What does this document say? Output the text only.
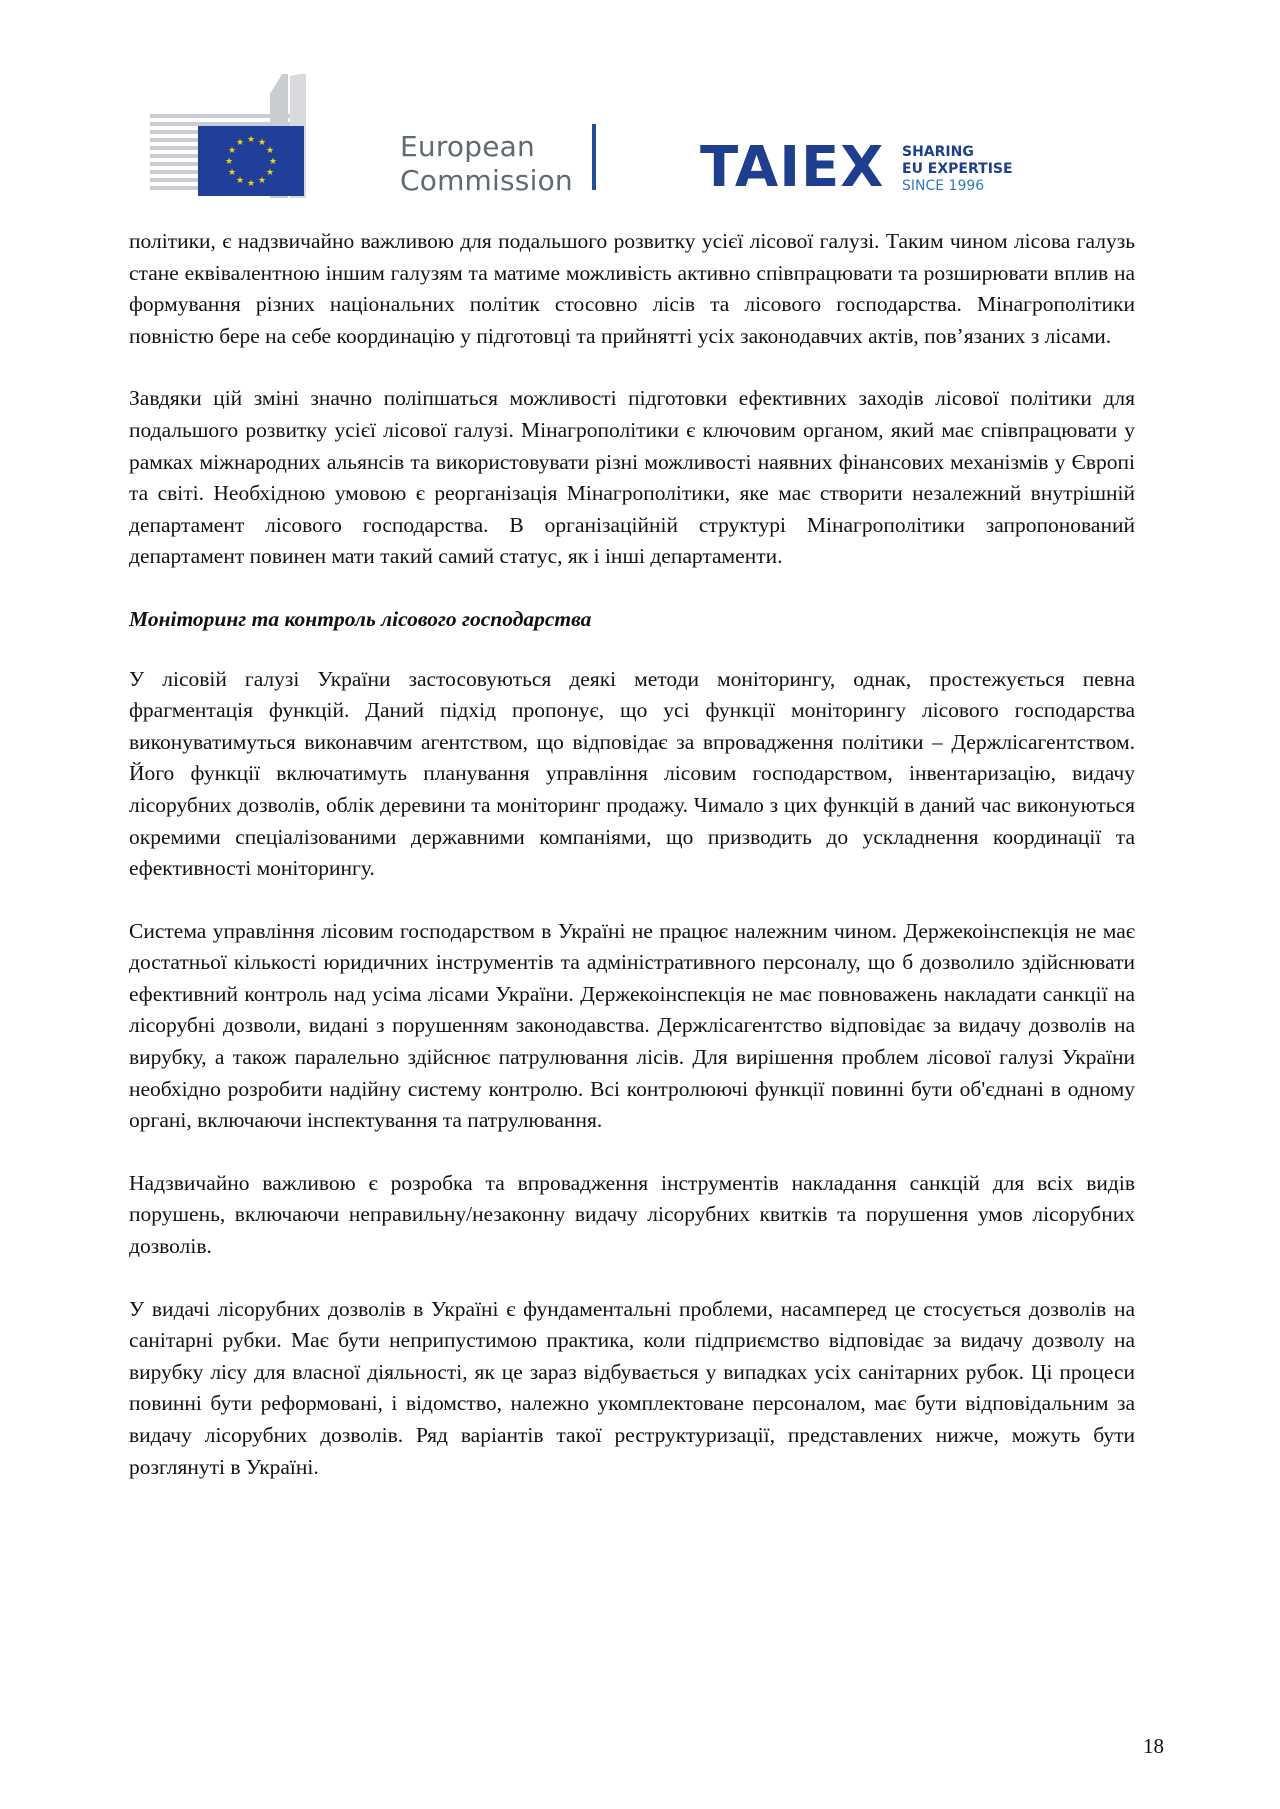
★ ★
★
★
★
★
★
★
★
★
★
★	European
Commission TAIEX SHARING
EU EXPERTISE
SINCE 1996

політики, є надзвичайно важливою для подальшого розвитку усієї лісової галузі. Таким чином лісова галузь стане еквівалентною іншим галузям та матиме можливість активно співпрацювати та розширювати вплив на формування різних національних політик стосовно лісів та лісового господарства. Мінагрополітики повністю бере на себе координацію у підготовці та прийнятті усіх законодавчих актів, пов’язаних з лісами.

Завдяки цій зміні значно поліпшаться можливості підготовки ефективних заходів лісової політики для подальшого розвитку усієї лісової галузі. Мінагрополітики є ключовим органом, який має співпрацювати у рамках міжнародних альянсів та використовувати різні можливості наявних фінансових механізмів у Європі та світі. Необхідною умовою є реорганізація Мінагрополітики, яке має створити незалежний внутрішній департамент лісового господарства. В організаційній структурі Мінагрополітики запропонований департамент повинен мати такий самий статус, як і інші департаменти.

Моніторинг та контроль лісового господарства

У лісовій галузі України застосовуються деякі методи моніторингу, однак, простежується певна фрагментація функцій. Даний підхід пропонує, що усі функції моніторингу лісового господарства виконуватимуться виконавчим агентством, що відповідає за впровадження політики – Держлісагентством. Його функції включатимуть планування управління лісовим господарством, інвентаризацію, видачу лісорубних дозволів, облік деревини та моніторинг продажу. Чимало з цих функцій в даний час виконуються окремими спеціалізованими державними компаніями, що призводить до ускладнення координації та ефективності моніторингу.

Система управління лісовим господарством в Україні не працює належним чином. Держекоінспекція не має достатньої кількості юридичних інструментів та адміністративного персоналу, що б дозволило здійснювати ефективний контроль над усіма лісами України. Держекоінспекція не має повноважень накладати санкції на лісорубні дозволи, видані з порушенням законодавства. Держлісагентство відповідає за видачу дозволів на вирубку, а також паралельно здійснює патрулювання лісів. Для вирішення проблем лісової галузі України необхідно розробити надійну систему контролю. Всі контролюючі функції повинні бути об'єднані в одному органі, включаючи інспектування та патрулювання.

Надзвичайно важливою є розробка та впровадження інструментів накладання санкцій для всіх видів порушень, включаючи неправильну/незаконну видачу лісорубних квитків та порушення умов лісорубних дозволів.

У видачі лісорубних дозволів в Україні є фундаментальні проблеми, насамперед це стосується дозволів на санітарні рубки. Має бути неприпустимою практика, коли підприємство відповідає за видачу дозволу на вирубку лісу для власної діяльності, як це зараз відбувається у випадках усіх санітарних рубок. Ці процеси повинні бути реформовані, і відомство, належно укомплектоване персоналом, має бути відповідальним за видачу лісорубних дозволів. Ряд варіантів такої реструктуризації, представлених нижче, можуть бути розглянуті в Україні.

18
